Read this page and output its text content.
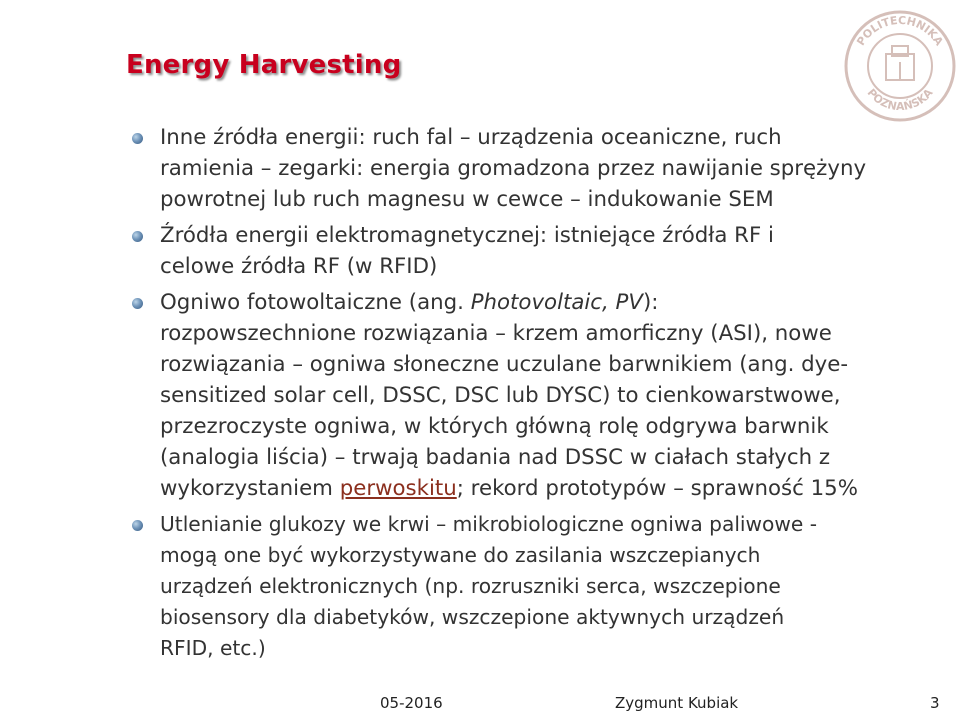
Energy Harvesting
POLITECHNIKA
POZNAŃSKA
Inne źródła energii: ruch fal – urządzenia oceaniczne, ruch
ramienia – zegarki: energia gromadzona przez nawijanie sprężyny
powrotnej lub ruch magnesu w cewce – indukowanie SEM
Źródła energii elektromagnetycznej: istniejące źródła RF i
celowe źródła RF (w RFID)
Ogniwo fotowoltaiczne (ang. Photovoltaic, PV):
rozpowszechnione rozwiązania – krzem amorficzny (ASI), nowe
rozwiązania – ogniwa słoneczne uczulane barwnikiem (ang. dye-
sensitized solar cell, DSSC, DSC lub DYSC) to cienkowarstwowe,
przezroczyste ogniwa, w których główną rolę odgrywa barwnik
(analogia liścia) – trwają badania nad DSSC w ciałach stałych z
wykorzystaniem perwoskitu; rekord prototypów – sprawność 15%
Utlenianie glukozy we krwi – mikrobiologiczne ogniwa paliwowe -
mogą one być wykorzystywane do zasilania wszczepianych
urządzeń elektronicznych (np. rozruszniki serca, wszczepione
biosensory dla diabetyków, wszczepione aktywnych urządzeń
RFID, etc.)
05-2016	Zygmunt Kubiak	3
